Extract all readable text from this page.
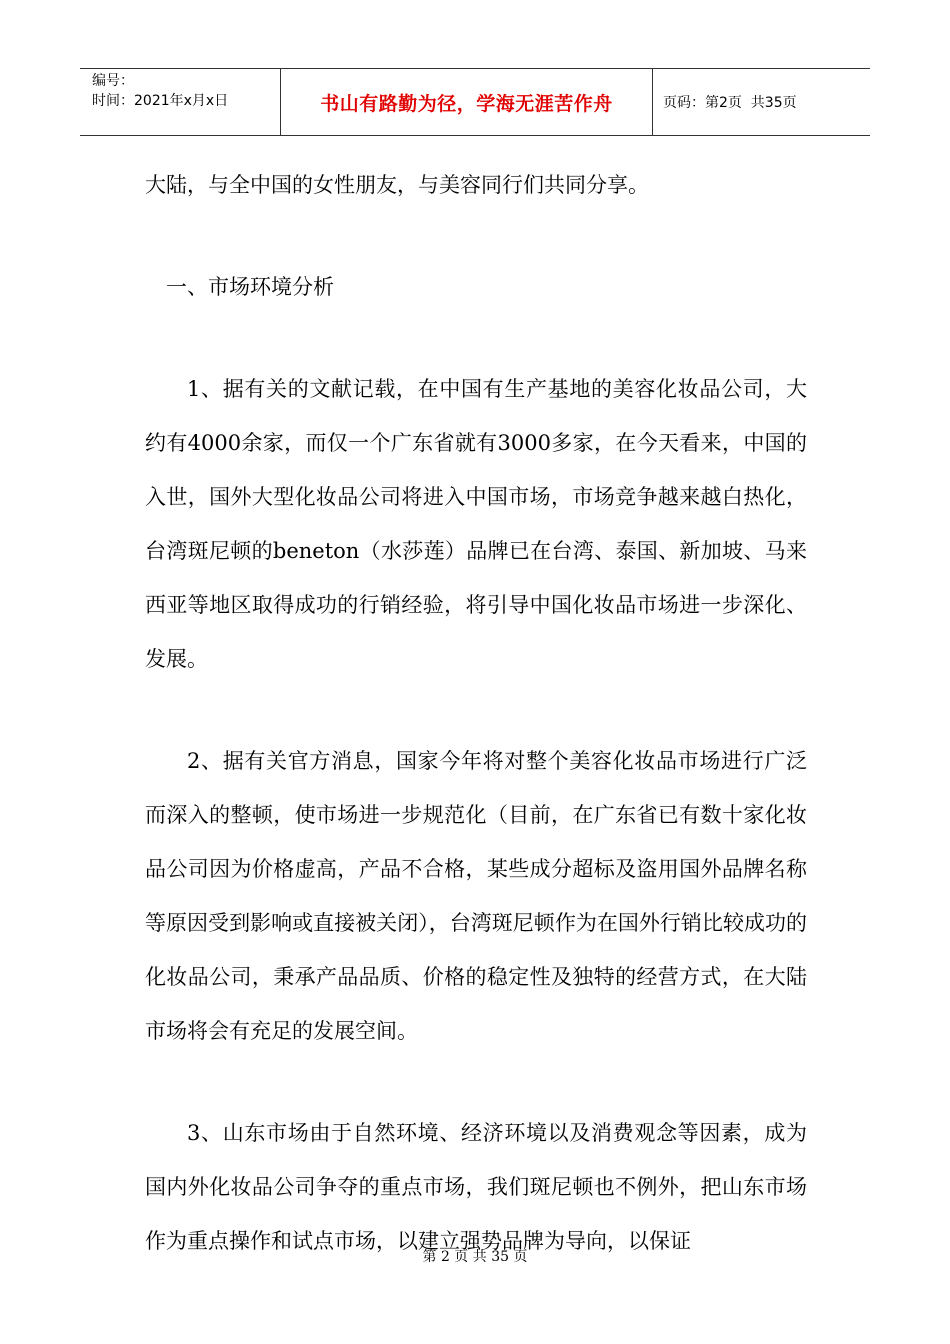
编号：
时间：2021年x月x日	书山有路勤为径，学海无涯苦作舟	页码：第2页  共35页

大陆，与全中国的女性朋友，与美容同行们共同分享。

一、市场环境分析

1、据有关的文献记载，在中国有生产基地的美容化妆品公司，大约有4000余家，而仅一个广东省就有3000多家，在今天看来，中国的入世，国外大型化妆品公司将进入中国市场，市场竞争越来越白热化，台湾斑尼顿的beneton（水莎莲）品牌已在台湾、泰国、新加坡、马来西亚等地区取得成功的行销经验，将引导中国化妆品市场进一步深化、发展。

2、据有关官方消息，国家今年将对整个美容化妆品市场进行广泛而深入的整顿，使市场进一步规范化（目前，在广东省已有数十家化妆品公司因为价格虚高，产品不合格，某些成分超标及盗用国外品牌名称等原因受到影响或直接被关闭），台湾斑尼顿作为在国外行销比较成功的化妆品公司，秉承产品品质、价格的稳定性及独特的经营方式，在大陆市场将会有充足的发展空间。

3、山东市场由于自然环境、经济环境以及消费观念等因素，成为国内外化妆品公司争夺的重点市场，我们斑尼顿也不例外，把山东市场作为重点操作和试点市场，以建立强势品牌为导向，以保证

第 2 页 共 35 页
